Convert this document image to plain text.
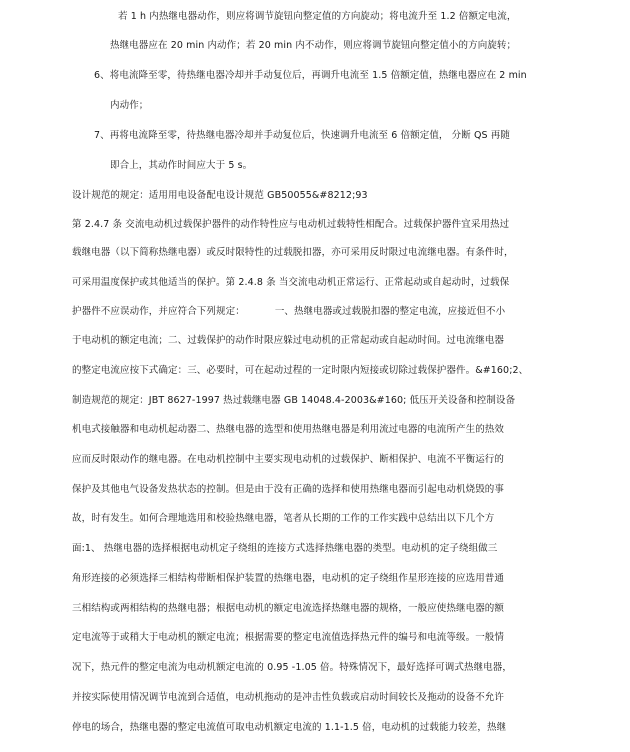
若 1 h 内热继电器动作，则应将调节旋钮向整定值的方向旋动；将电流升至 1.2 倍额定电流，
热继电器应在 20 min 内动作；若 20 min 内不动作，则应将调节旋钮向整定值小的方向旋转；
6、将电流降至零，待热继电器冷却并手动复位后，再调升电流至 1.5 倍额定值，热继电器应在 2 min
内动作；
7、再将电流降至零，待热继电器冷却并手动复位后，快速调升电流至 6 倍额定值， 分断 QS 再随
即合上，其动作时间应大于 5 s。
设计规范的规定：适用用电设备配电设计规范 GB50055&#8212;93
第 2.4.7 条 交流电动机过载保护器件的动作特性应与电动机过载特性相配合。过载保护器件宜采用热过
载继电器（以下简称热继电器）或反时限特性的过载脱扣器，亦可采用反时限过电流继电器。有条件时，
可采用温度保护或其他适当的保护。第 2.4.8 条 当交流电动机正常运行、正常起动或自起动时，过载保
护器件不应误动作，并应符合下列规定：	一、热继电器或过载脱扣器的整定电流，应接近但不小
于电动机的额定电流；二、过载保护的动作时限应躲过电动机的正常起动或自起动时间。过电流继电器
的整定电流应按下式确定：三、必要时，可在起动过程的一定时限内短接或切除过载保护器件。&#160;2、
制造规范的规定：JBT 8627-1997 热过载继电器 GB 14048.4-2003&#160; 低压开关设备和控制设备
机电式接触器和电动机起动器二、热继电器的选型和使用热继电器是利用流过电器的电流所产生的热效
应而反时限动作的继电器。在电动机控制中主要实现电动机的过载保护、断相保护、电流不平衡运行的
保护及其他电气设备发热状态的控制。但是由于没有正确的选择和使用热继电器而引起电动机烧毁的事
故，时有发生。如何合理地选用和校验热继电器，笔者从长期的工作的工作实践中总结出以下几个方
面:1、 热继电器的选择根据电动机定子绕组的连接方式选择热继电器的类型。电动机的定子绕组做三
角形连接的必须选择三相结构带断相保护装置的热继电器，电动机的定子绕组作星形连接的应选用普通
三相结构或两相结构的热继电器；根据电动机的额定电流选择热继电器的规格，一般应使热继电器的额
定电流等于或稍大于电动机的额定电流；根据需要的整定电流值选择热元件的编号和电流等级。一般情
况下，热元件的整定电流为电动机额定电流的 0.95 -1.05 倍。特殊情况下，最好选择可调式热继电器，
并按实际使用情况调节电流到合适值，电动机拖动的是冲击性负载或启动时间较长及拖动的设备不允许
停电的场合，热继电器的整定电流值可取电动机额定电流的 1.1-1.5 倍，电动机的过载能力较差，热继
